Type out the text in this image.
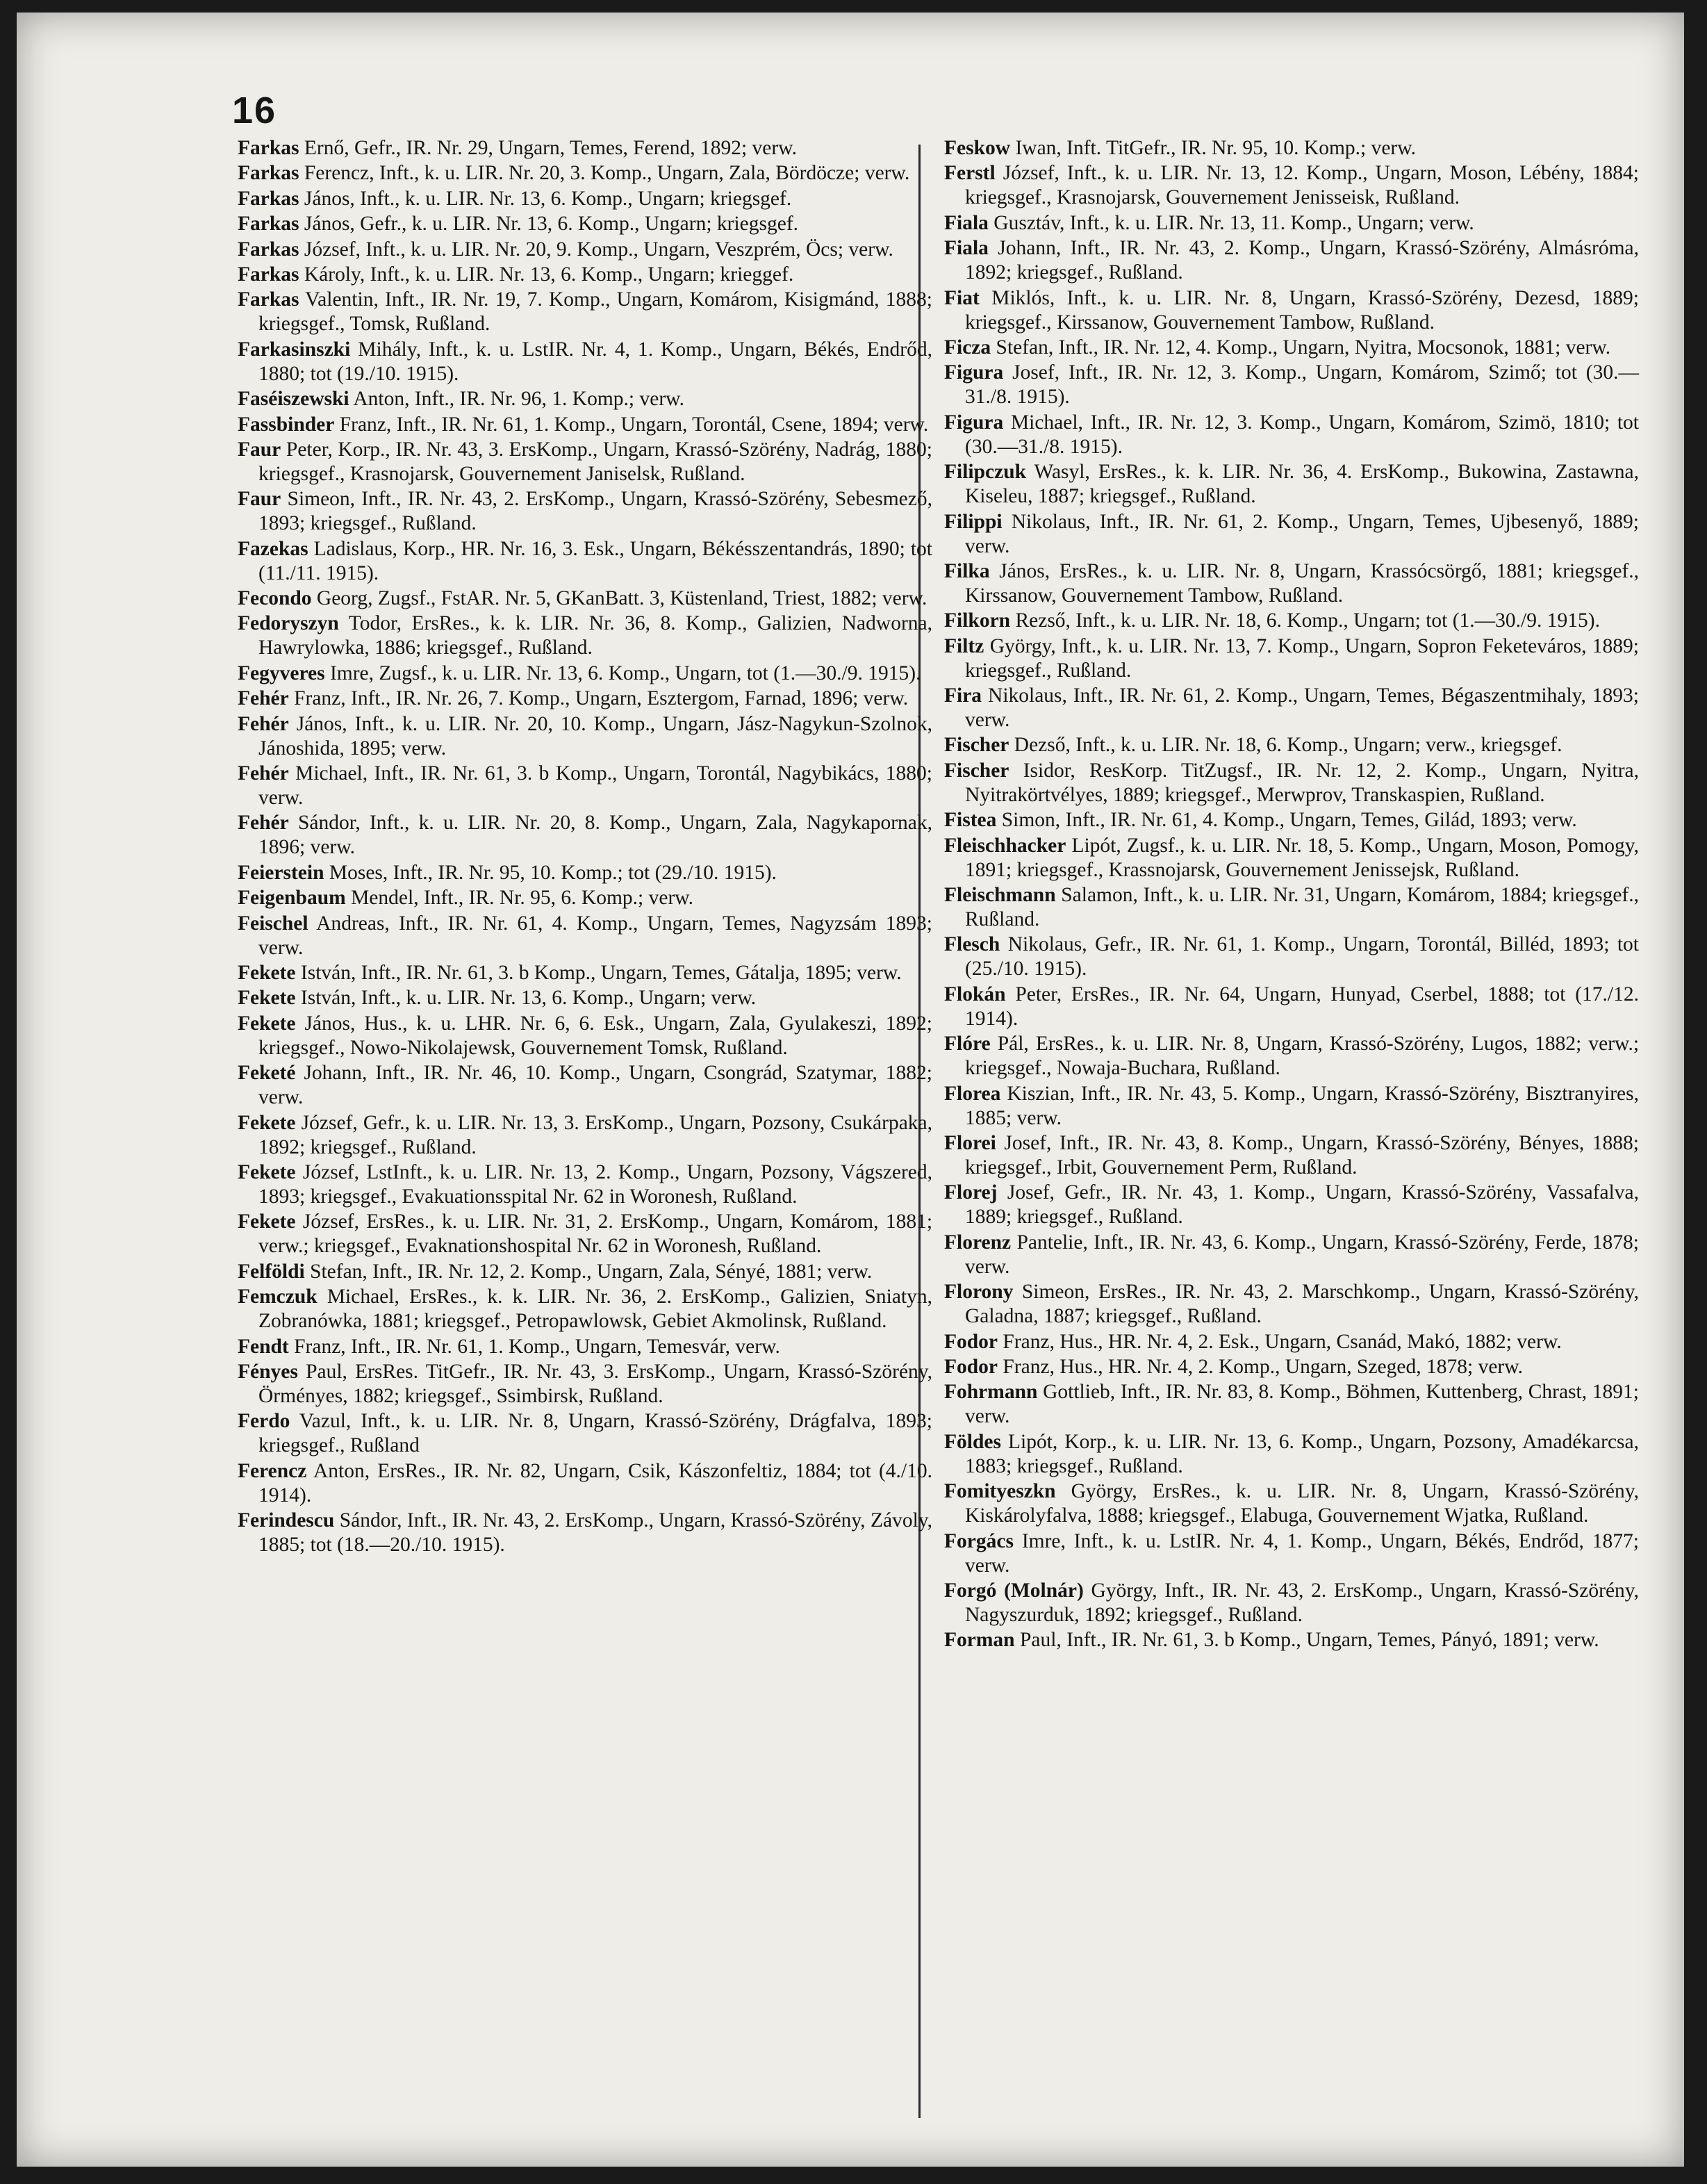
16

Farkas Ernő, Gefr., IR. Nr. 29, Ungarn, Temes, Ferend, 1892; verw.

Farkas Ferencz, Inft., k. u. LIR. Nr. 20, 3. Komp., Ungarn, Zala, Bördöcze; verw.

Farkas János, Inft., k. u. LIR. Nr. 13, 6. Komp., Ungarn; kriegsgef.

Farkas János, Gefr., k. u. LIR. Nr. 13, 6. Komp., Ungarn; kriegsgef.

Farkas József, Inft., k. u. LIR. Nr. 20, 9. Komp., Ungarn, Veszprém, Öcs; verw.

Farkas Károly, Inft., k. u. LIR. Nr. 13, 6. Komp., Ungarn; krieggef.

Farkas Valentin, Inft., IR. Nr. 19, 7. Komp., Ungarn, Komárom, Kisigmánd, 1888; kriegsgef., Tomsk, Rußland.

Farkasinszki Mihály, Inft., k. u. LstIR. Nr. 4, 1. Komp., Ungarn, Békés, Endrőd, 1880; tot (19./10. 1915).

Faséiszewski Anton, Inft., IR. Nr. 96, 1. Komp.; verw.

Fassbinder Franz, Inft., IR. Nr. 61, 1. Komp., Ungarn, Torontál, Csene, 1894; verw.

Faur Peter, Korp., IR. Nr. 43, 3. ErsKomp., Ungarn, Krassó-Szörény, Nadrág, 1880; kriegsgef., Krasnojarsk, Gouvernement Janiselsk, Rußland.

Faur Simeon, Inft., IR. Nr. 43, 2. ErsKomp., Ungarn, Krassó-Szörény, Sebesmező, 1893; kriegsgef., Rußland.

Fazekas Ladislaus, Korp., HR. Nr. 16, 3. Esk., Ungarn, Békésszentandrás, 1890; tot (11./11. 1915).

Fecondo Georg, Zugsf., FstAR. Nr. 5, GKanBatt. 3, Küstenland, Triest, 1882; verw.

Fedoryszyn Todor, ErsRes., k. k. LIR. Nr. 36, 8. Komp., Galizien, Nadworna, Hawrylowka, 1886; kriegsgef., Rußland.

Fegyveres Imre, Zugsf., k. u. LIR. Nr. 13, 6. Komp., Ungarn, tot (1.—30./9. 1915).

Fehér Franz, Inft., IR. Nr. 26, 7. Komp., Ungarn, Esztergom, Farnad, 1896; verw.

Fehér János, Inft., k. u. LIR. Nr. 20, 10. Komp., Ungarn, Jász-Nagykun-Szolnok, Jánoshida, 1895; verw.

Fehér Michael, Inft., IR. Nr. 61, 3. b Komp., Ungarn, Torontál, Nagybikács, 1880; verw.

Fehér Sándor, Inft., k. u. LIR. Nr. 20, 8. Komp., Ungarn, Zala, Nagykapornak, 1896; verw.

Feierstein Moses, Inft., IR. Nr. 95, 10. Komp.; tot (29./10. 1915).

Feigenbaum Mendel, Inft., IR. Nr. 95, 6. Komp.; verw.

Feischel Andreas, Inft., IR. Nr. 61, 4. Komp., Ungarn, Temes, Nagyzsám 1893; verw.

Fekete István, Inft., IR. Nr. 61, 3. b Komp., Ungarn, Temes, Gátalja, 1895; verw.

Fekete István, Inft., k. u. LIR. Nr. 13, 6. Komp., Ungarn; verw.

Fekete János, Hus., k. u. LHR. Nr. 6, 6. Esk., Ungarn, Zala, Gyulakeszi, 1892; kriegsgef., Nowo-Nikolajewsk, Gouvernement Tomsk, Rußland.

Feketé Johann, Inft., IR. Nr. 46, 10. Komp., Ungarn, Csongrád, Szatymar, 1882; verw.

Fekete József, Gefr., k. u. LIR. Nr. 13, 3. ErsKomp., Ungarn, Pozsony, Csukárpaka, 1892; kriegsgef., Rußland.

Fekete József, LstInft., k. u. LIR. Nr. 13, 2. Komp., Ungarn, Pozsony, Vágszered, 1893; kriegsgef., Evakuationsspital Nr. 62 in Woronesh, Rußland.

Fekete József, ErsRes., k. u. LIR. Nr. 31, 2. ErsKomp., Ungarn, Komárom, 1881; verw.; kriegsgef., Evaknationshospital Nr. 62 in Woronesh, Rußland.

Felföldi Stefan, Inft., IR. Nr. 12, 2. Komp., Ungarn, Zala, Sényé, 1881; verw.

Femczuk Michael, ErsRes., k. k. LIR. Nr. 36, 2. ErsKomp., Galizien, Sniatyn, Zobranówka, 1881; kriegsgef., Petropawlowsk, Gebiet Akmolinsk, Rußland.

Fendt Franz, Inft., IR. Nr. 61, 1. Komp., Ungarn, Temesvár, verw.

Fényes Paul, ErsRes. TitGefr., IR. Nr. 43, 3. ErsKomp., Ungarn, Krassó-Szörény, Örményes, 1882; kriegsgef., Ssimbirsk, Rußland.

Ferdo Vazul, Inft., k. u. LIR. Nr. 8, Ungarn, Krassó-Szörény, Drágfalva, 1893; kriegsgef., Rußland

Ferencz Anton, ErsRes., IR. Nr. 82, Ungarn, Csik, Kászonfeltiz, 1884; tot (4./10. 1914).

Ferindescu Sándor, Inft., IR. Nr. 43, 2. ErsKomp., Ungarn, Krassó-Szörény, Závoly, 1885; tot (18.—20./10. 1915).

Feskow Iwan, Inft. TitGefr., IR. Nr. 95, 10. Komp.; verw.

Ferstl József, Inft., k. u. LIR. Nr. 13, 12. Komp., Ungarn, Moson, Lébény, 1884; kriegsgef., Krasnojarsk, Gouvernement Jenisseisk, Rußland.

Fiala Gusztáv, Inft., k. u. LIR. Nr. 13, 11. Komp., Ungarn; verw.

Fiala Johann, Inft., IR. Nr. 43, 2. Komp., Ungarn, Krassó-Szörény, Almásróma, 1892; kriegsgef., Rußland.

Fiat Miklós, Inft., k. u. LIR. Nr. 8, Ungarn, Krassó-Szörény, Dezesd, 1889; kriegsgef., Kirssanow, Gouvernement Tambow, Rußland.

Ficza Stefan, Inft., IR. Nr. 12, 4. Komp., Ungarn, Nyitra, Mocsonok, 1881; verw.

Figura Josef, Inft., IR. Nr. 12, 3. Komp., Ungarn, Komárom, Szimő; tot (30.—31./8. 1915).

Figura Michael, Inft., IR. Nr. 12, 3. Komp., Ungarn, Komárom, Szimö, 1810; tot (30.—31./8. 1915).

Filipczuk Wasyl, ErsRes., k. k. LIR. Nr. 36, 4. ErsKomp., Bukowina, Zastawna, Kiseleu, 1887; kriegsgef., Rußland.

Filippi Nikolaus, Inft., IR. Nr. 61, 2. Komp., Ungarn, Temes, Ujbesenyő, 1889; verw.

Filka János, ErsRes., k. u. LIR. Nr. 8, Ungarn, Krassócsörgő, 1881; kriegsgef., Kirssanow, Gouvernement Tambow, Rußland.

Filkorn Rezső, Inft., k. u. LIR. Nr. 18, 6. Komp., Ungarn; tot (1.—30./9. 1915).

Filtz György, Inft., k. u. LIR. Nr. 13, 7. Komp., Ungarn, Sopron Feketeváros, 1889; kriegsgef., Rußland.

Fira Nikolaus, Inft., IR. Nr. 61, 2. Komp., Ungarn, Temes, Bégaszentmihaly, 1893; verw.

Fischer Dezső, Inft., k. u. LIR. Nr. 18, 6. Komp., Ungarn; verw., kriegsgef.

Fischer Isidor, ResKorp. TitZugsf., IR. Nr. 12, 2. Komp., Ungarn, Nyitra, Nyitrakörtvélyes, 1889; kriegsgef., Merwprov, Transkaspien, Rußland.

Fistea Simon, Inft., IR. Nr. 61, 4. Komp., Ungarn, Temes, Gilád, 1893; verw.

Fleischhacker Lipót, Zugsf., k. u. LIR. Nr. 18, 5. Komp., Ungarn, Moson, Pomogy, 1891; kriegsgef., Krassnojarsk, Gouvernement Jenissejsk, Rußland.

Fleischmann Salamon, Inft., k. u. LIR. Nr. 31, Ungarn, Komárom, 1884; kriegsgef., Rußland.

Flesch Nikolaus, Gefr., IR. Nr. 61, 1. Komp., Ungarn, Torontál, Billéd, 1893; tot (25./10. 1915).

Flokán Peter, ErsRes., IR. Nr. 64, Ungarn, Hunyad, Cserbel, 1888; tot (17./12. 1914).

Flóre Pál, ErsRes., k. u. LIR. Nr. 8, Ungarn, Krassó-Szörény, Lugos, 1882; verw.; kriegsgef., Nowaja-Buchara, Rußland.

Florea Kiszian, Inft., IR. Nr. 43, 5. Komp., Ungarn, Krassó-Szörény, Bisztranyires, 1885; verw.

Florei Josef, Inft., IR. Nr. 43, 8. Komp., Ungarn, Krassó-Szörény, Bényes, 1888; kriegsgef., Irbit, Gouvernement Perm, Rußland.

Florej Josef, Gefr., IR. Nr. 43, 1. Komp., Ungarn, Krassó-Szörény, Vassafalva, 1889; kriegsgef., Rußland.

Florenz Pantelie, Inft., IR. Nr. 43, 6. Komp., Ungarn, Krassó-Szörény, Ferde, 1878; verw.

Florony Simeon, ErsRes., IR. Nr. 43, 2. Marschkomp., Ungarn, Krassó-Szörény, Galadna, 1887; kriegsgef., Rußland.

Fodor Franz, Hus., HR. Nr. 4, 2. Esk., Ungarn, Csanád, Makó, 1882; verw.

Fodor Franz, Hus., HR. Nr. 4, 2. Komp., Ungarn, Szeged, 1878; verw.

Fohrmann Gottlieb, Inft., IR. Nr. 83, 8. Komp., Böhmen, Kuttenberg, Chrast, 1891; verw.

Földes Lipót, Korp., k. u. LIR. Nr. 13, 6. Komp., Ungarn, Pozsony, Amadékarcsa, 1883; kriegsgef., Rußland.

Fomityeszkn György, ErsRes., k. u. LIR. Nr. 8, Ungarn, Krassó-Szörény, Kiskárolyfalva, 1888; kriegsgef., Elabuga, Gouvernement Wjatka, Rußland.

Forgács Imre, Inft., k. u. LstIR. Nr. 4, 1. Komp., Ungarn, Békés, Endrőd, 1877; verw.

Forgó (Molnár) György, Inft., IR. Nr. 43, 2. ErsKomp., Ungarn, Krassó-Szörény, Nagyszurduk, 1892; kriegsgef., Rußland.

Forman Paul, Inft., IR. Nr. 61, 3. b Komp., Ungarn, Temes, Pányó, 1891; verw.
